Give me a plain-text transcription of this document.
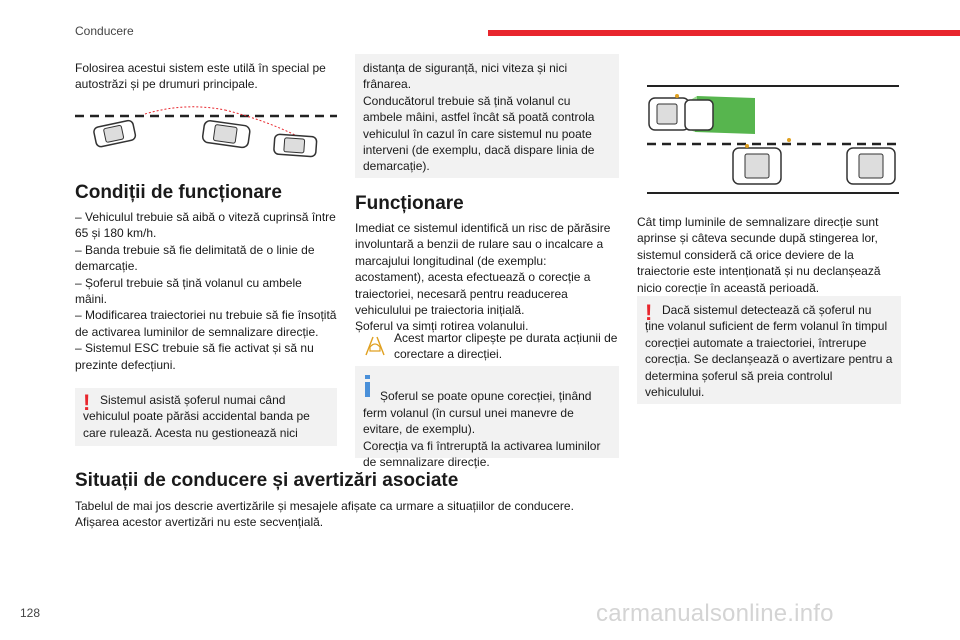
Conducere

Folosirea acestui sistem este utilă în special pe autostrăzi și pe drumuri principale.

Condiții de funcționare

– Vehiculul trebuie să aibă o viteză cuprinsă între 65 și 180 km/h.

– Banda trebuie să fie delimitată de o linie de demarcație.

– Șoferul trebuie să țină volanul cu ambele mâini.

– Modificarea traiectoriei nu trebuie să fie însoțită de activarea luminilor de semnalizare direcție.

– Sistemul ESC trebuie să fie activat și să nu prezinte defecțiuni.

! Sistemul asistă șoferul numai când vehiculul poate părăsi accidental banda pe care rulează. Acesta nu gestionează nici

distanța de siguranță, nici viteza și nici frânarea.
Conducătorul trebuie să țină volanul cu ambele mâini, astfel încât să poată controla vehiculul în cazul în care sistemul nu poate interveni (de exemplu, dacă dispare linia de demarcație).

Funcționare

Imediat ce sistemul identifică un risc de părăsire involuntară a benzii de rulare sau o incalcare a marcajului longitudinal (de exemplu: acostament), acesta efectuează o corecție a traiectoriei, necesară pentru readucerea vehiculului pe traiectoria inițială.
Șoferul va simți rotirea volanului.

Acest martor clipește pe durata acțiunii de corectare a direcției.

Șoferul se poate opune corecției, ținând ferm volanul (în cursul unei manevre de evitare, de exemplu).
Corecția va fi întreruptă la activarea luminilor de semnalizare direcție.

Cât timp luminile de semnalizare direcție sunt aprinse și câteva secunde după stingerea lor, sistemul consideră că orice deviere de la traiectorie este intenționată și nu declanșează nicio corecție în această perioadă.

! Dacă sistemul detectează că șoferul nu ține volanul suficient de ferm volanul în timpul corecției automate a traiectoriei, întrerupe corecția. Se declanșează o avertizare pentru a determina șoferul să preia controlul vehiculului.

Situații de conducere și avertizări asociate

Tabelul de mai jos descrie avertizările și mesajele afișate ca urmare a situațiilor de conducere.
Afișarea acestor avertizări nu este secvențială.

128	carmanualsonline.info
